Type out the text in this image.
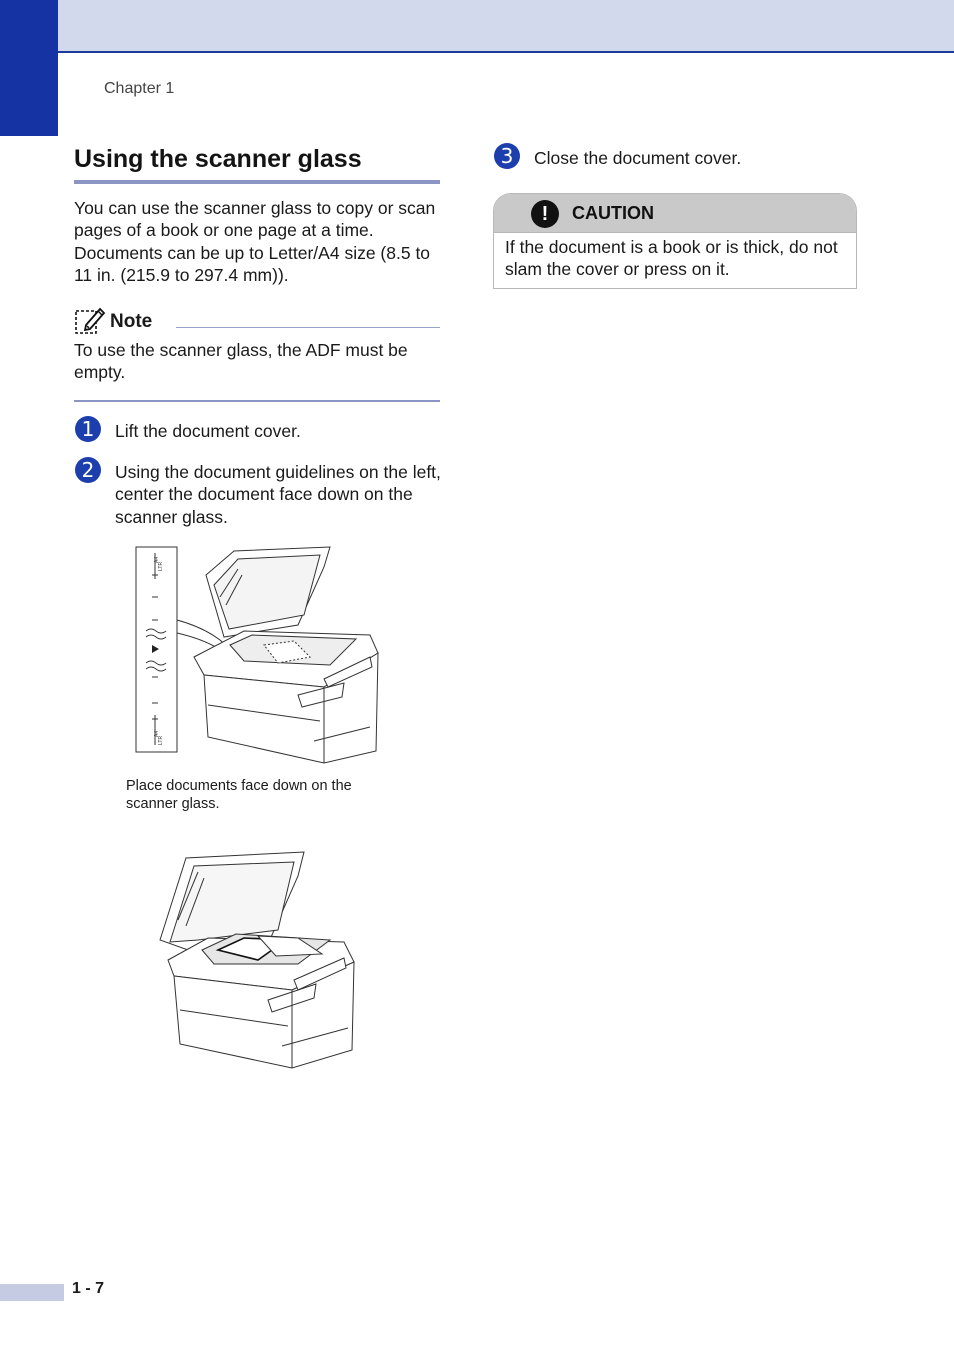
Chapter 1
Using the scanner glass
You can use the scanner glass to copy or scan pages of a book or one page at a time. Documents can be up to Letter/A4 size (8.5 to 11 in. (215.9 to 297.4 mm)).
Note
To use the scanner glass, the ADF must be empty.
1	Lift the document cover.
2	Using the document guidelines on the left, center the document face down on the scanner glass.
LTR
A4
A4
LTR
Place documents face down on the scanner glass.
3	Close the document cover.
!	CAUTION
If the document is a book or is thick, do not slam the cover or press on it.
1 - 7
